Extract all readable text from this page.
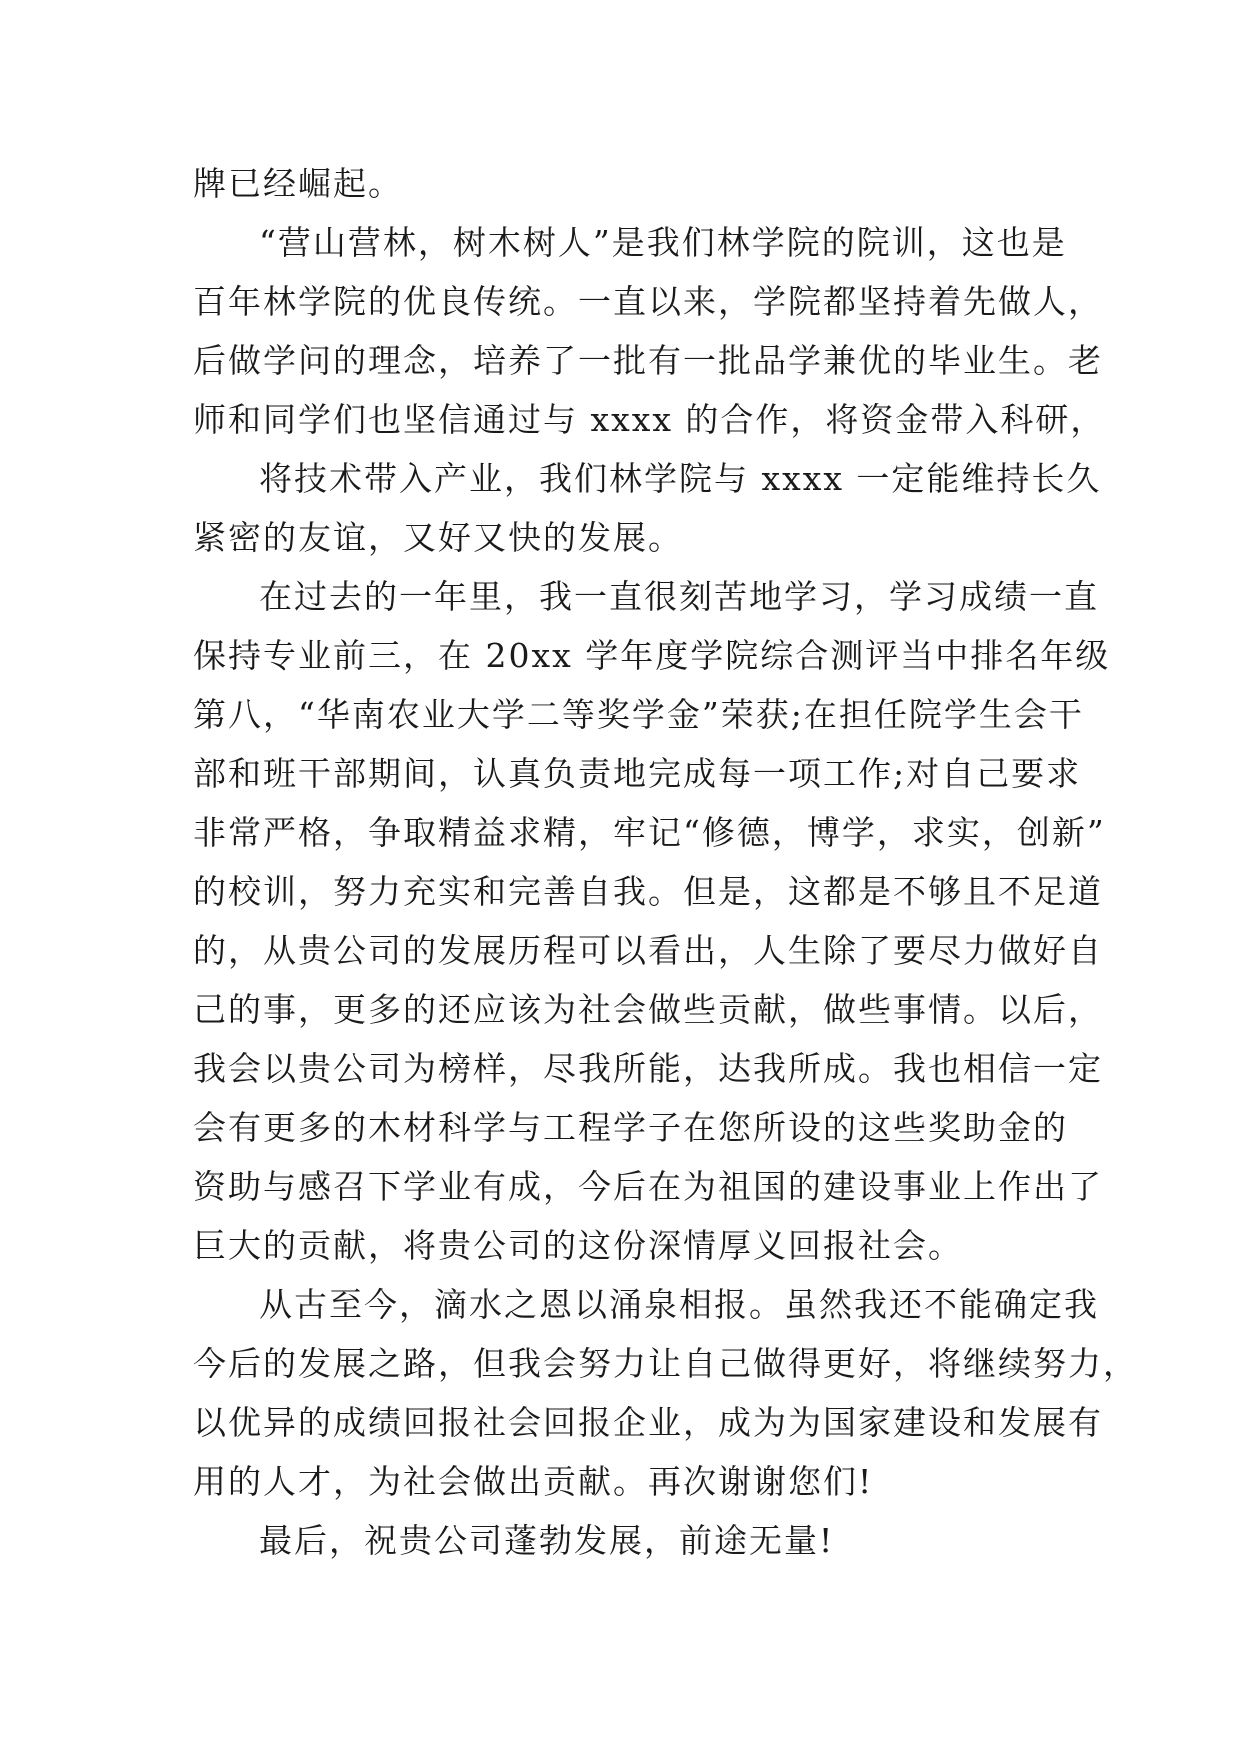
牌已经崛起。
“营山营林，树木树人”是我们林学院的院训，这也是
百年林学院的优良传统。一直以来，学院都坚持着先做人，
后做学问的理念，培养了一批有一批品学兼优的毕业生。老
师和同学们也坚信通过与 xxxx 的合作，将资金带入科研，
将技术带入产业，我们林学院与 xxxx 一定能维持长久
紧密的友谊，又好又快的发展。
在过去的一年里，我一直很刻苦地学习，学习成绩一直
保持专业前三，在 20xx 学年度学院综合测评当中排名年级
第八，“华南农业大学二等奖学金”荣获;在担任院学生会干
部和班干部期间，认真负责地完成每一项工作;对自己要求
非常严格，争取精益求精，牢记“修德，博学，求实，创新”
的校训，努力充实和完善自我。但是，这都是不够且不足道
的，从贵公司的发展历程可以看出，人生除了要尽力做好自
己的事，更多的还应该为社会做些贡献，做些事情。以后，
我会以贵公司为榜样，尽我所能，达我所成。我也相信一定
会有更多的木材科学与工程学子在您所设的这些奖助金的
资助与感召下学业有成，今后在为祖国的建设事业上作出了
巨大的贡献，将贵公司的这份深情厚义回报社会。
从古至今，滴水之恩以涌泉相报。虽然我还不能确定我
今后的发展之路，但我会努力让自己做得更好，将继续努力，
以优异的成绩回报社会回报企业，成为为国家建设和发展有
用的人才，为社会做出贡献。再次谢谢您们!
最后，祝贵公司蓬勃发展，前途无量!
